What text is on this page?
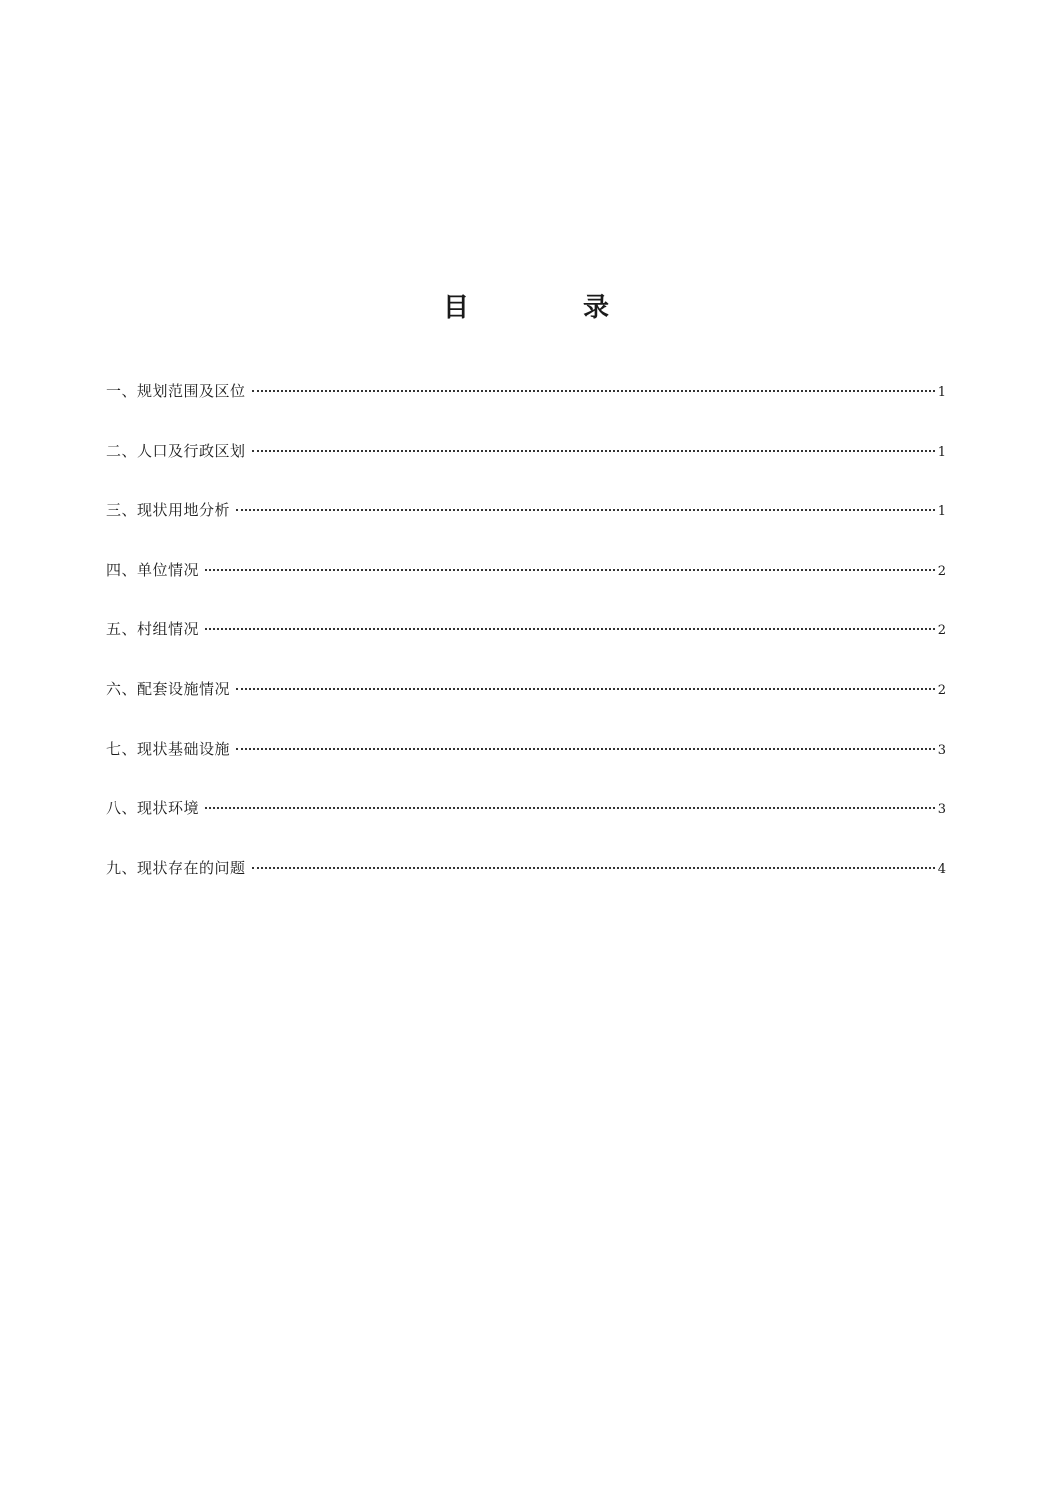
目　录
一、规划范围及区位	1
二、人口及行政区划	1
三、现状用地分析	1
四、单位情况	2
五、村组情况	2
六、配套设施情况	2
七、现状基础设施	3
八、现状环境	3
九、现状存在的问题	4
